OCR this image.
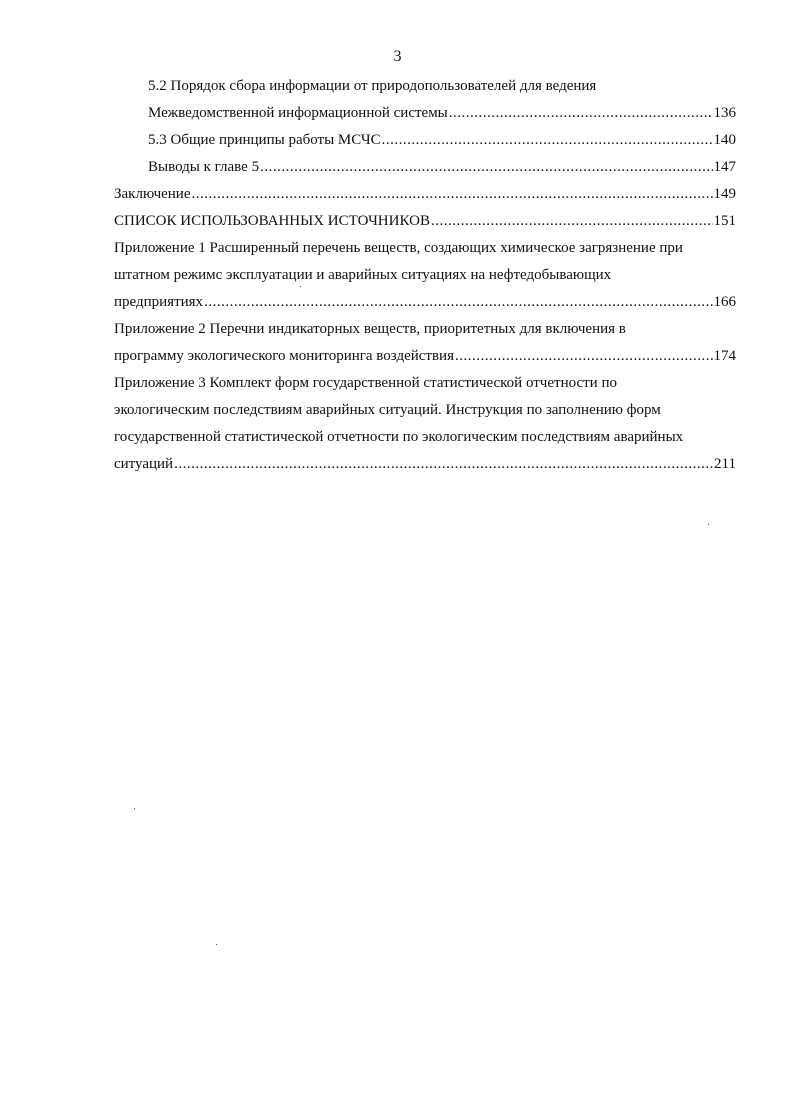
3
5.2 Порядок сбора информации от природопользователей для ведения
Межведомственной информационной системы .....	136
5.3 Общие принципы работы МСЧС .....	140
Выводы к главе 5 .....	147
Заключение .....	149
СПИСОК ИСПОЛЬЗОВАННЫХ ИСТОЧНИКОВ .....	151
Приложение 1 Расширенный перечень веществ, создающих химическое загрязнение при
штатном режимс эксплуатации и аварийных ситуациях на нефтедобывающих
предприятиях .....	166
Приложение 2 Перечни индикаторных веществ, приоритетных для включения в
программу экологического мониторинга воздействия .....	174
Приложение 3 Комплект форм государственной статистической отчетности по
экологическим последствиям аварийных ситуаций. Инструкция по заполнению форм
государственной статистической отчетности по экологическим последствиям аварийных
ситуаций .....	211
